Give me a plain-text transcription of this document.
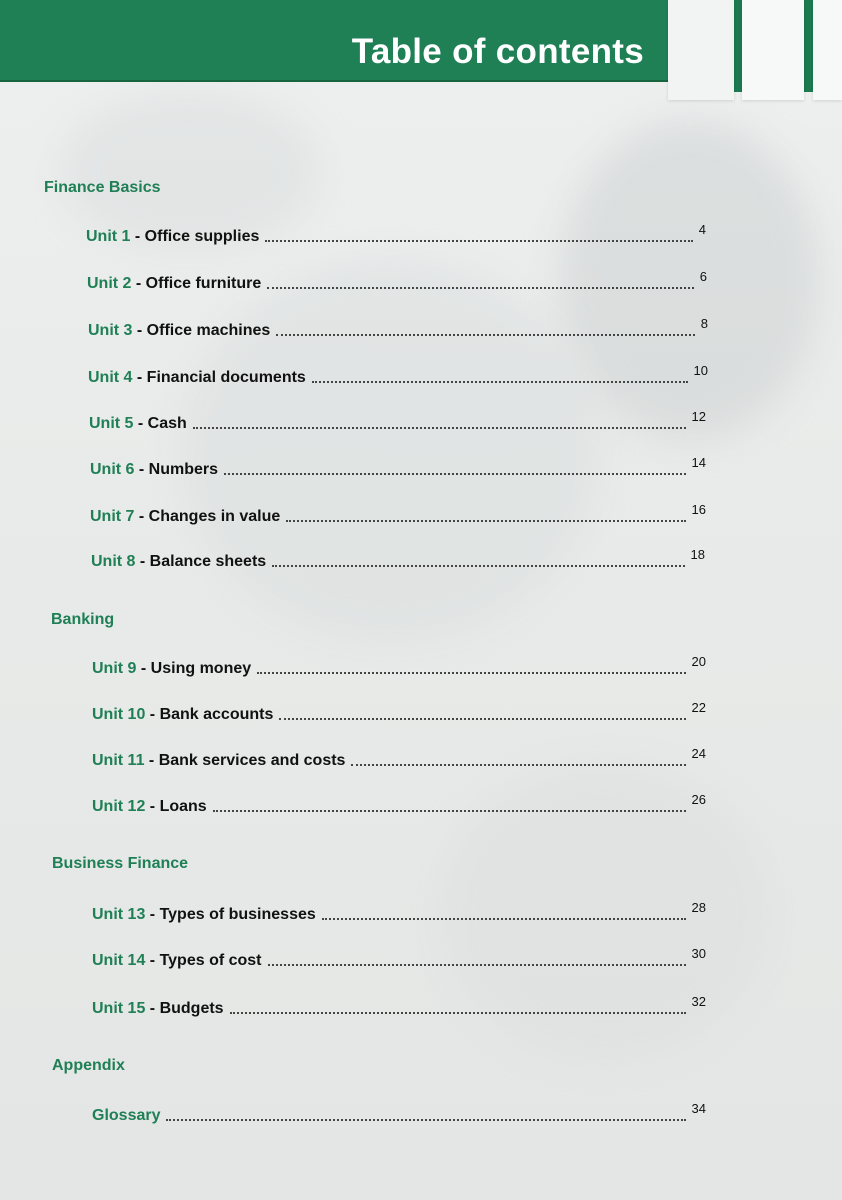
Table of contents
Finance Basics
Unit 1 - Office supplies	4
Unit 2 - Office furniture	6
Unit 3 - Office machines	8
Unit 4 - Financial documents	10
Unit 5 - Cash	12
Unit 6 - Numbers	14
Unit 7 - Changes in value	16
Unit 8 - Balance sheets	18
Banking
Unit 9 - Using money	20
Unit 10 - Bank accounts	22
Unit 11 - Bank services and costs	24
Unit 12 - Loans	26
Business Finance
Unit 13 - Types of businesses	28
Unit 14 - Types of cost	30
Unit 15 - Budgets	32
Appendix
Glossary	34
